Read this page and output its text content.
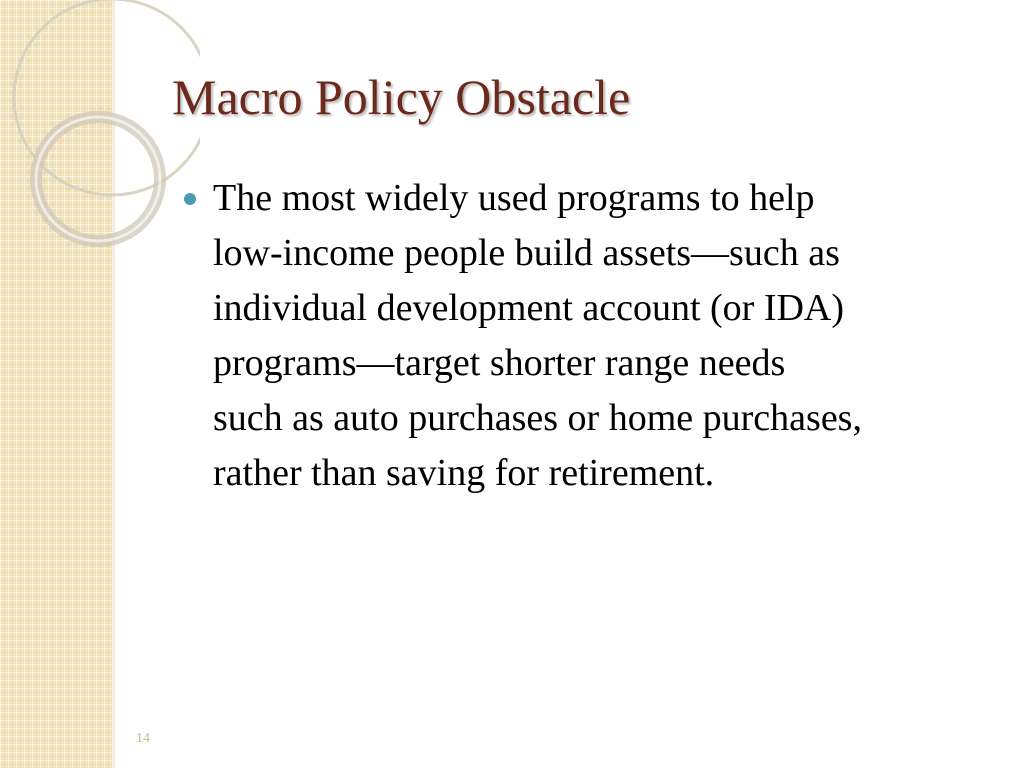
Macro Policy Obstacle
The most widely used programs to help
low-income people build assets—such as
individual development account (or IDA)
programs—target shorter range needs
such as auto purchases or home purchases,
rather than saving for retirement.
14
